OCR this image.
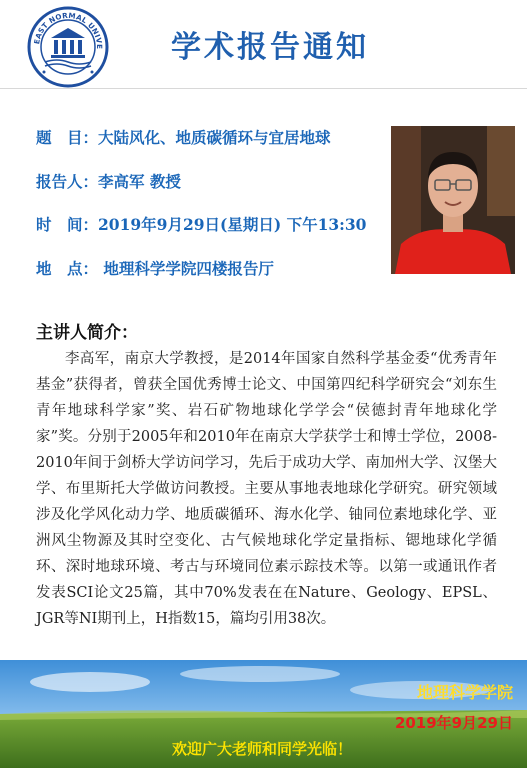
EAST NORMAL UNIVE	学术报告通知
题　目：大陆风化、地质碳循环与宜居地球
报告人：李高军 教授
时　间：2019年9月29日(星期日) 下午13:30
地　点： 地理科学学院四楼报告厅
主讲人简介：
李高军，南京大学教授，是2014年国家自然科学基金委“优秀青年基金”获得者，曾获全国优秀博士论文、中国第四纪科学研究会“刘东生青年地球科学家”奖、岩石矿物地球化学学会“侯德封青年地球化学家”奖。分别于2005年和2010年在南京大学获学士和博士学位，2008-2010年间于剑桥大学访问学习，先后于成功大学、南加州大学、汉堡大学、布里斯托大学做访问教授。主要从事地表地球化学研究。研究领域涉及化学风化动力学、地质碳循环、海水化学、铀同位素地球化学、亚洲风尘物源及其时空变化、古气候地球化学定量指标、锶地球化学循环、深时地球环境、考古与环境同位素示踪技术等。以第一或通讯作者发表SCI论文25篇，其中70%发表在在Nature、Geology、EPSL、JGR等NI期刊上，H指数15，篇均引用38次。
地理科学学院
2019年9月29日
欢迎广大老师和同学光临！
